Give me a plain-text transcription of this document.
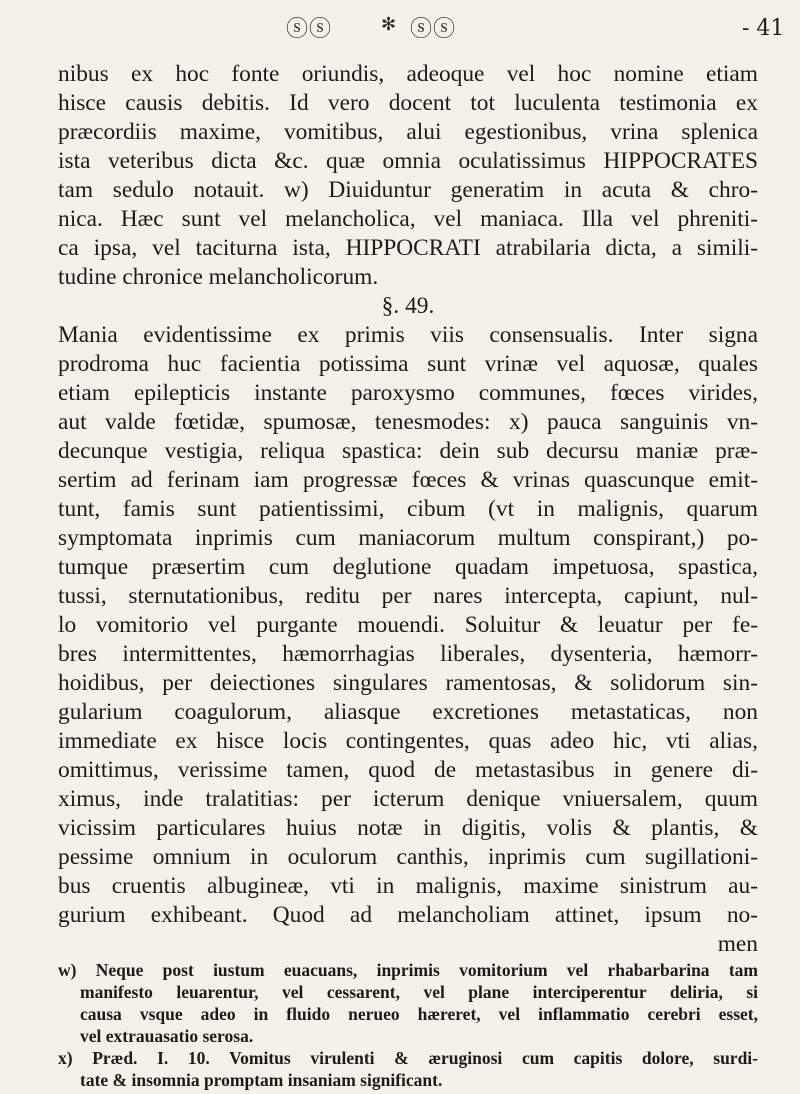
ⓢⓢ	✻ ⓢⓢ	- 41
nibus ex hoc fonte oriundis, adeoque vel hoc nomine etiam
hisce causis debitis. Id vero docent tot luculenta testimonia ex
præcordiis maxime, vomitibus, alui egestionibus, vrina splenica
ista veteribus dicta &c. quæ omnia oculatissimus HIPPOCRATES
tam sedulo notauit. w) Diuiduntur generatim in acuta & chro-
nica. Hæc sunt vel melancholica, vel maniaca. Illa vel phreniti-
ca ipsa, vel taciturna ista, HIPPOCRATI atrabilaria dicta, a simili-
tudine chronice melancholicorum.
§. 49.
Mania evidentissime ex primis viis consensualis. Inter signa
prodroma huc facientia potissima sunt vrinæ vel aquosæ, quales
etiam epilepticis instante paroxysmo communes, fœces virides,
aut valde fœtidæ, spumosæ, tenesmodes: x) pauca sanguinis vn-
decunque vestigia, reliqua spastica: dein sub decursu maniæ præ-
sertim ad ferinam iam progressæ fœces & vrinas quascunque emit-
tunt, famis sunt patientissimi, cibum (vt in malignis, quarum
symptomata inprimis cum maniacorum multum conspirant,) po-
tumque præsertim cum deglutione quadam impetuosa, spastica,
tussi, sternutationibus, reditu per nares intercepta, capiunt, nul-
lo vomitorio vel purgante mouendi. Soluitur & leuatur per fe-
bres intermittentes, hæmorrhagias liberales, dysenteria, hæmorr-
hoidibus, per deiectiones singulares ramentosas, & solidorum sin-
gularium coagulorum, aliasque excretiones metastaticas, non
immediate ex hisce locis contingentes, quas adeo hic, vti alias,
omittimus, verissime tamen, quod de metastasibus in genere di-
ximus, inde tralatitias: per icterum denique vniuersalem, quum
vicissim particulares huius notæ in digitis, volis & plantis, &
pessime omnium in oculorum canthis, inprimis cum sugillationi-
bus cruentis albugineæ, vti in malignis, maxime sinistrum au-
gurium exhibeant. Quod ad melancholiam attinet, ipsum no-
men
w) Neque post iustum euacuans, inprimis vomitorium vel rhabarbarina tam
manifesto leuarentur, vel cessarent, vel plane interciperentur deliria, si
causa vsque adeo in fluido nerueo hæreret, vel inflammatio cerebri esset,
vel extrauasatio serosa.
x) Præd. I. 10. Vomitus virulenti & æruginosi cum capitis dolore, surdi-
tate & insomnia promptam insaniam significant.
